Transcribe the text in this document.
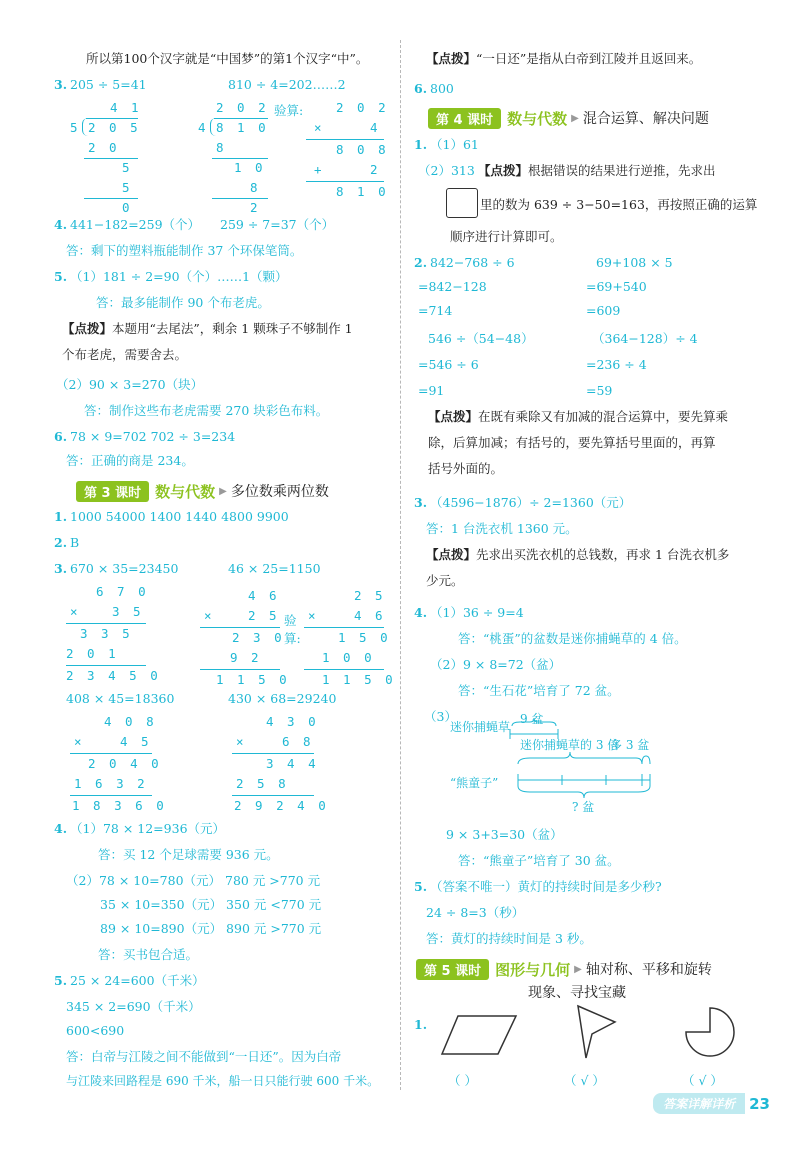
所以第100个汉字就是“中国梦”的第1个汉字“中”。
3. 205 ÷ 5=41	810 ÷ 4=202……2
4 1
5 2 0 5
2 0
5
5
0
2 0 2
4 8 1 0
8
1 0
8
2
验算:	2 0 2
×	4
8 0 8
+	2
8 1 0
4. 441−182=259（个） 259 ÷ 7=37（个）
答：剩下的塑料瓶能制作 37 个环保笔筒。
5. （1）181 ÷ 2=90（个）……1（颗）
答：最多能制作 90 个布老虎。
【点拨】本题用“去尾法”，剩余 1 颗珠子不够制作 1
个布老虎，需要舍去。
（2）90 × 3=270（块）
答：制作这些布老虎需要 270 块彩色布料。
6. 78 × 9=702 702 ÷ 3=234
答：正确的商是 234。
第 3 课时 数与代数 ▶ 多位数乘两位数
1. 1000 54000 1400 1440 4800 9900
2. B
3. 670 × 35=23450	46 × 25=1150
6 7 0
×	3 5
3 3 5
2 0 1
2 3 4 5 0
4 6
×	2 5
2 3 0
9 2
1 1 5 0
验
算:
2 5
×	4 6
1 5 0
1 0 0
1 1 5 0
408 × 45=18360	430 × 68=29240
4 0 8
×	4 5
2 0 4 0
1 6 3 2
1 8 3 6 0
4 3 0
×	6 8
3 4 4
2 5 8
2 9 2 4 0
4. （1）78 × 12=936（元）
答：买 12 个足球需要 936 元。
（2）78 × 10=780（元） 780 元 >770 元
35 × 10=350（元） 350 元 <770 元
89 × 10=890（元） 890 元 >770 元
答：买书包合适。
5. 25 × 24=600（千米）
345 × 2=690（千米）
600<690
答：白帝与江陵之间不能做到“一日还”。因为白帝
与江陵来回路程是 690 千米，船一日只能行驶 600 千米。
【点拨】“一日还”是指从白帝到江陵并且返回来。
6. 800
第 4 课时 数与代数 ▶ 混合运算、解决问题
1. （1）61
（2）313 【点拨】根据错误的结果进行逆推，先求出
里的数为 639 ÷ 3−50=163，再按照正确的运算
顺序进行计算即可。
2. 842−768 ÷ 6
=842−128
=714
69+108 × 5
=69+540
=609
546 ÷（54−48）
=546 ÷ 6
=91
（364−128）÷ 4
=236 ÷ 4
=59
【点拨】在既有乘除又有加减的混合运算中，要先算乘
除，后算加减；有括号的，要先算括号里面的，再算
括号外面的。
3. （4596−1876）÷ 2=1360（元）
答：1 台洗衣机 1360 元。
【点拨】先求出买洗衣机的总钱数，再求 1 台洗衣机多
少元。
4. （1）36 ÷ 9=4
答：“桃蛋”的盆数是迷你捕蝇草的 4 倍。
（2）9 × 8=72（盆）
答：“生石花”培育了 72 盆。
（3）
迷你捕蝇草
9 盆
迷你捕蝇草的 3 倍
多 3 盆
“熊童子”
? 盆
9 × 3+3=30（盆）
答：“熊童子”培育了 30 盆。
5. （答案不唯一）黄灯的持续时间是多少秒?
24 ÷ 8=3（秒）
答：黄灯的持续时间是 3 秒。
第 5 课时 图形与几何 ▶ 轴对称、平移和旋转
现象、寻找宝藏
1.
（ ）	（ √ ）	（ √ ）
答案详解详析 23
